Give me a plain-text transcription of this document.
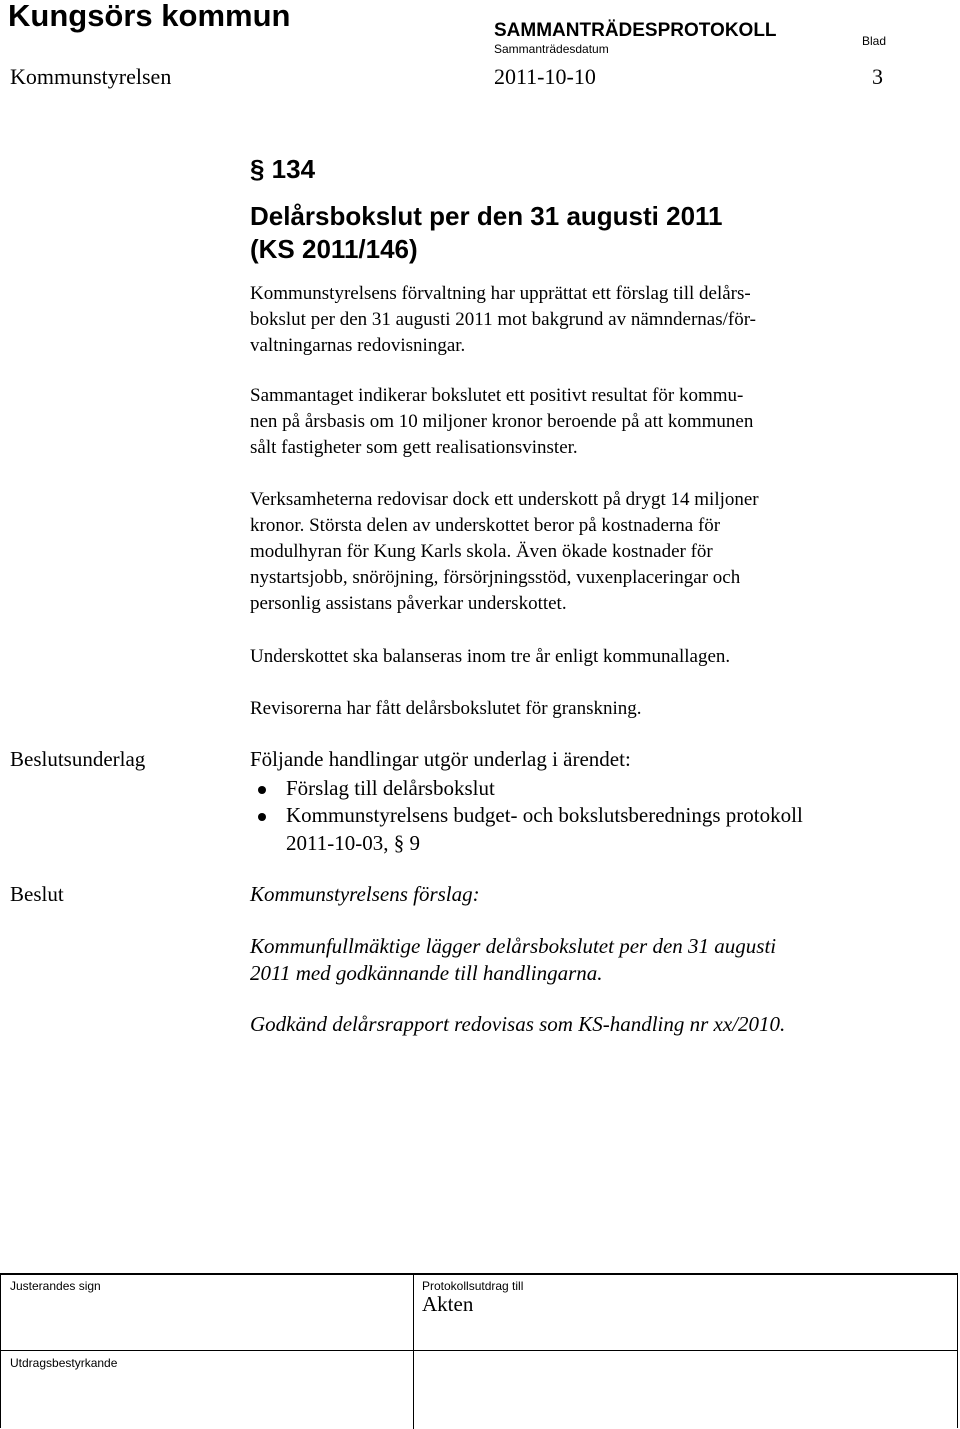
Kungsörs kommun	SAMMANTRÄDESPROTOKOLL
Sammanträdesdatum
Blad
Kommunstyrelsen	2011-10-10	3
§ 134
Delårsbokslut per den 31 augusti 2011
(KS 2011/146)
Kommunstyrelsens förvaltning har upprättat ett förslag till delårs-
bokslut per den 31 augusti 2011 mot bakgrund av nämndernas/för-
valtningarnas redovisningar.
Sammantaget indikerar bokslutet ett positivt resultat för kommu-
nen på årsbasis om 10 miljoner kronor beroende på att kommunen
sålt fastigheter som gett realisationsvinster.
Verksamheterna redovisar dock ett underskott på drygt 14 miljoner
kronor. Största delen av underskottet beror på kostnaderna för
modulhyran för Kung Karls skola. Även ökade kostnader för
nystartsjobb, snöröjning, försörjningsstöd, vuxenplaceringar och
personlig assistans påverkar underskottet.
Underskottet ska balanseras inom tre år enligt kommunallagen.
Revisorerna har fått delårsbokslutet för granskning.
Beslutsunderlag	Följande handlingar utgör underlag i ärendet:
Förslag till delårsbokslut
Kommunstyrelsens budget- och bokslutsberednings protokoll
2011-10-03, § 9
Beslut	Kommunstyrelsens förslag:
Kommunfullmäktige lägger delårsbokslutet per den 31 augusti
2011 med godkännande till handlingarna.
Godkänd delårsrapport redovisas som KS-handling nr xx/2010.
Justerandes sign	Protokollsutdrag till
Akten
Utdragsbestyrkande
